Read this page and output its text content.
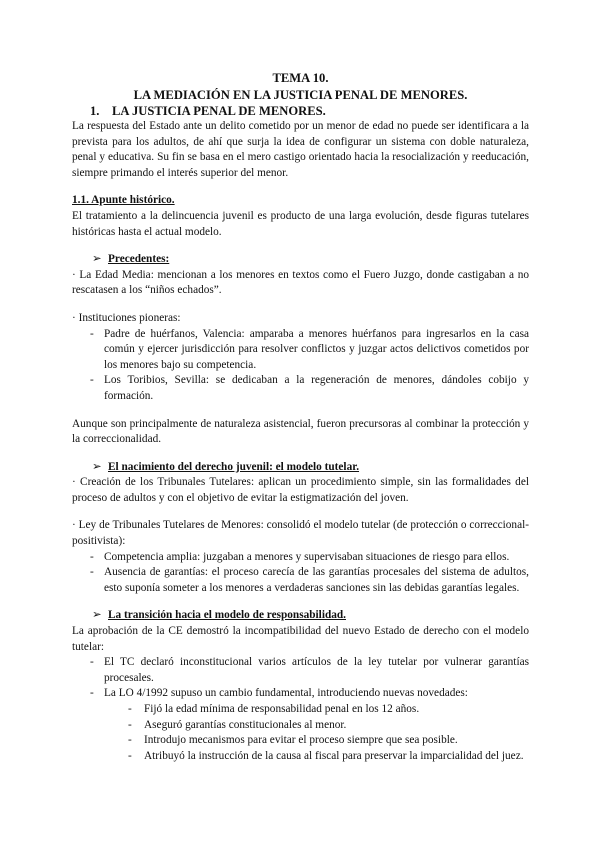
TEMA 10.
LA MEDIACIÓN EN LA JUSTICIA PENAL DE MENORES.
1. LA JUSTICIA PENAL DE MENORES.

La respuesta del Estado ante un delito cometido por un menor de edad no puede ser identificara a la prevista para los adultos, de ahí que surja la idea de configurar un sistema con doble naturaleza, penal y educativa. Su fin se basa en el mero castigo orientado hacia la resocialización y reeducación, siempre primando el interés superior del menor.

1.1. Apunte histórico.

El tratamiento a la delincuencia juvenil es producto de una larga evolución, desde figuras tutelares históricas hasta el actual modelo.

➢ Precedentes:

· La Edad Media: mencionan a los menores en textos como el Fuero Juzgo, donde castigaban a no rescatasen a los “niños echados”.

· Instituciones pioneras:

- Padre de huérfanos, Valencia: amparaba a menores huérfanos para ingresarlos en la casa común y ejercer jurisdicción para resolver conflictos y juzgar actos delictivos cometidos por los menores bajo su competencia.
- Los Toribios, Sevilla: se dedicaban a la regeneración de menores, dándoles cobijo y formación.

Aunque son principalmente de naturaleza asistencial, fueron precursoras al combinar la protección y la correccionalidad.

➢ El nacimiento del derecho juvenil: el modelo tutelar.

· Creación de los Tribunales Tutelares: aplican un procedimiento simple, sin las formalidades del proceso de adultos y con el objetivo de evitar la estigmatización del joven.

· Ley de Tribunales Tutelares de Menores: consolidó el modelo tutelar (de protección o correccional-positivista):

- Competencia amplia: juzgaban a menores y supervisaban situaciones de riesgo para ellos.
- Ausencia de garantías: el proceso carecía de las garantías procesales del sistema de adultos, esto suponía someter a los menores a verdaderas sanciones sin las debidas garantías legales.
➢ La transición hacia el modelo de responsabilidad.

La aprobación de la CE demostró la incompatibilidad del nuevo Estado de derecho con el modelo tutelar:

- El TC declaró inconstitucional varios artículos de la ley tutelar por vulnerar garantías procesales.
- La LO 4/1992 supuso un cambio fundamental, introduciendo nuevas novedades:
- Fijó la edad mínima de responsabilidad penal en los 12 años.
- Aseguró garantías constitucionales al menor.
- Introdujo mecanismos para evitar el proceso siempre que sea posible.
- Atribuyó la instrucción de la causa al fiscal para preservar la imparcialidad del juez.
